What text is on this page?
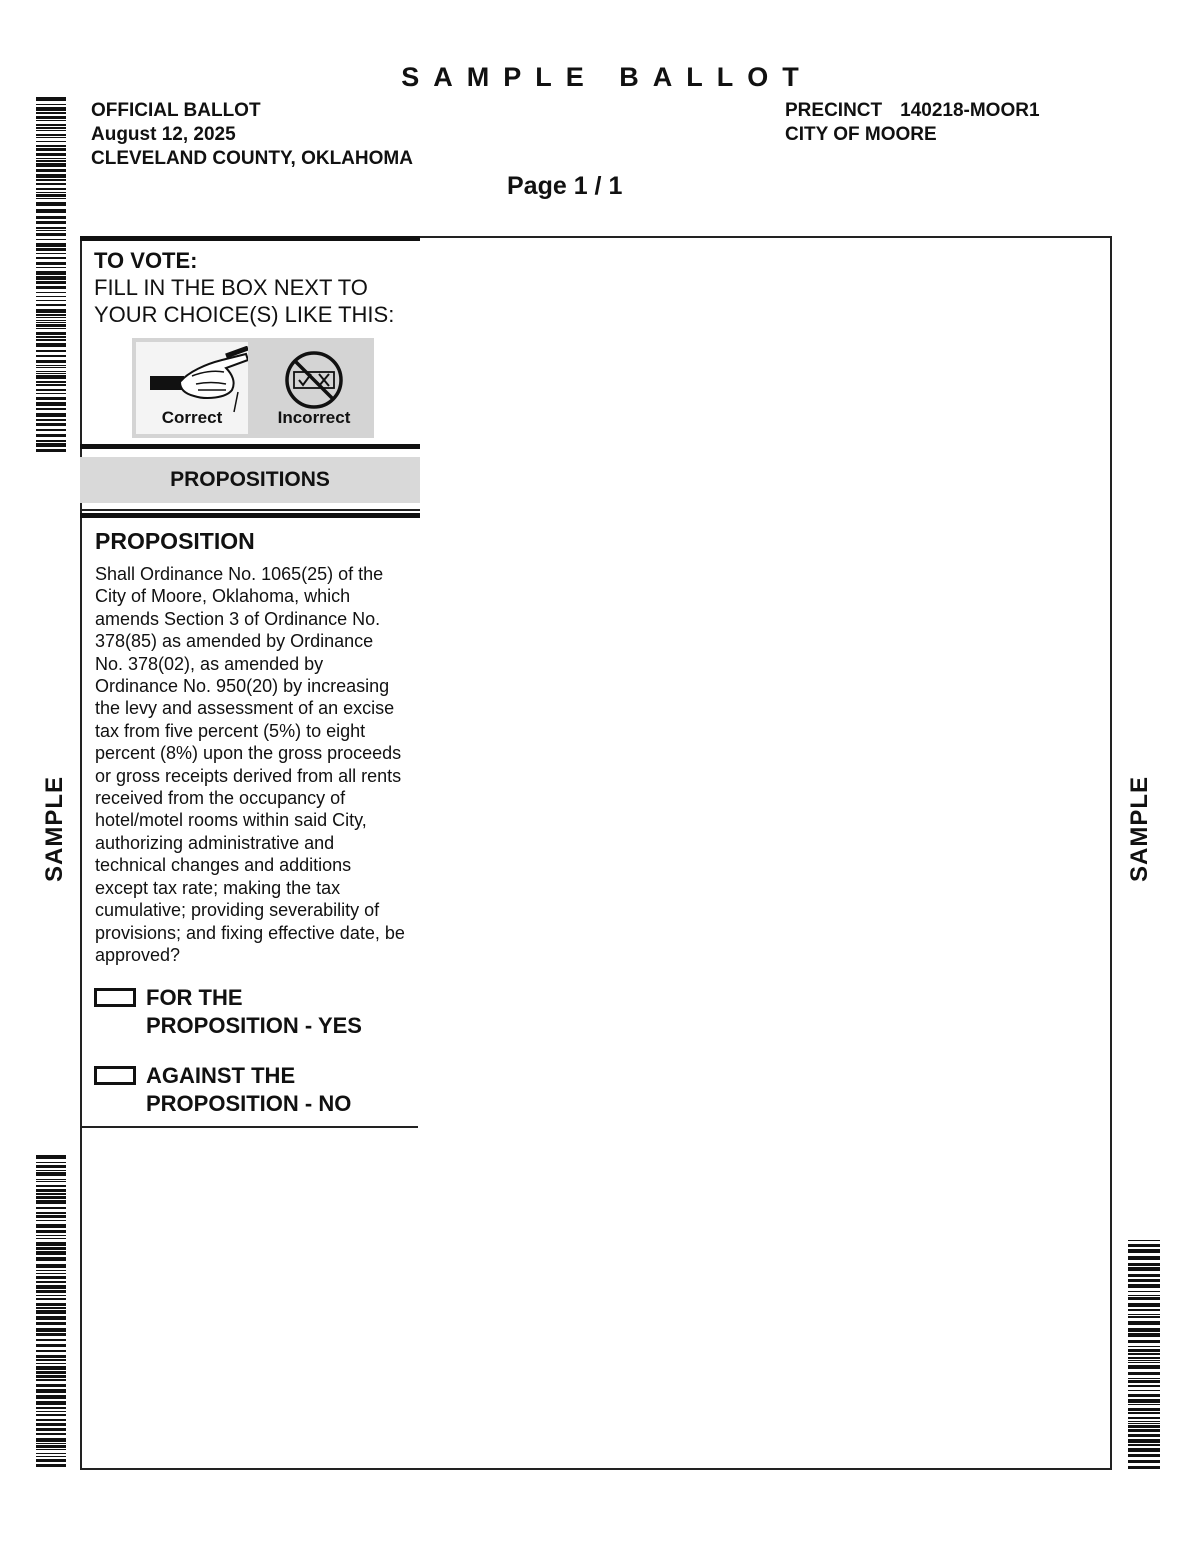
SAMPLE BALLOT
OFFICIAL BALLOT
August 12, 2025
CLEVELAND COUNTY, OKLAHOMA
PRECINCT 140218-MOOR1
CITY OF MOORE
Page 1 / 1
TO VOTE:
FILL IN THE BOX NEXT TO
YOUR CHOICE(S) LIKE THIS:
Correct	Incorrect
PROPOSITIONS
PROPOSITION
Shall Ordinance No. 1065(25) of the City of Moore, Oklahoma, which amends Section 3 of Ordinance No. 378(85) as amended by Ordinance No. 378(02), as amended by Ordinance No. 950(20) by increasing the levy and assessment of an excise tax from five percent (5%) to eight percent (8%) upon the gross proceeds or gross receipts derived from all rents received from the occupancy of hotel/motel rooms within said City, authorizing administrative and technical changes and additions except tax rate; making the tax cumulative; providing severability of provisions; and fixing effective date, be approved?
FOR THE
PROPOSITION - YES
AGAINST THE
PROPOSITION - NO
SAMPLE	SAMPLE
